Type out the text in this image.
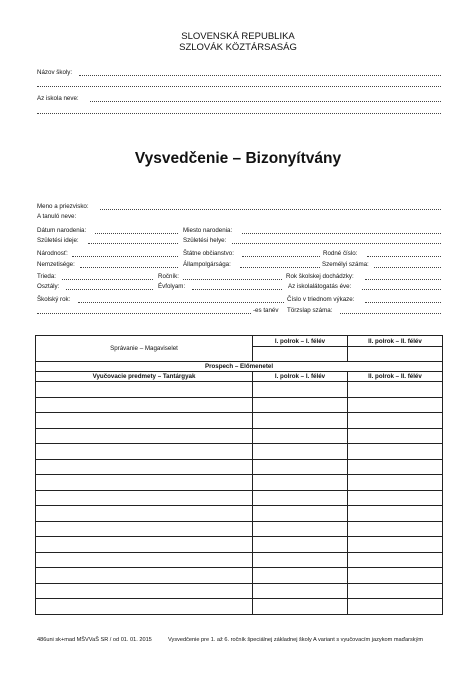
SLOVENSKÁ REPUBLIKA
SZLOVÁK KÖZTÁRSASÁG
Názov školy:
Az iskola neve:
Vysvedčenie – Bizonyítvány
Meno a priezvisko:
A tanuló neve:
Dátum narodenia:	Miesto narodenia:
Születési ideje:	Születési helye:
Národnosť:	Štátne občianstvo:	Rodné číslo:
Nemzetisége:	Állampolgársága:	Személyi száma:
Trieda:	Ročník:	Rok školskej dochádzky:
Osztály:	Évfolyam:	Az iskolalátogatás éve:
Školský rok:	Číslo v triednom výkaze:
-es tanév Törzslap száma:
Správanie – Magaviselet	I. polrok – I. félév	II. polrok – II. félév

Prospech – Előmenetel		
Vyučovacie predmety – Tantárgyak	I. polrok – I. félév	II. polrok – II. félév

486uni sk+mad MŠVVaŠ SR / od 01. 01. 2015	Vysvedčenie pre 1. až 6. ročník špeciálnej základnej školy A variant s vyučovacím jazykom maďarským
